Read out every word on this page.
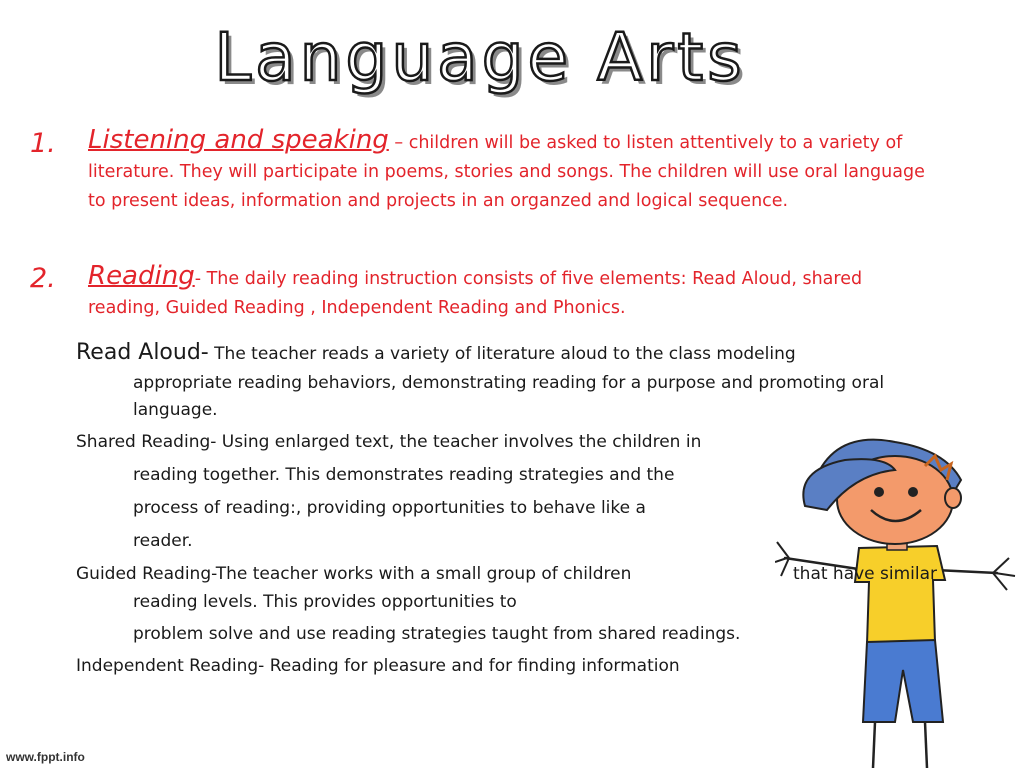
Language Arts
1. Listening and speaking – children will be asked to listen attentively to a variety of
literature. They will participate in poems, stories and songs. The children will use oral language
to present ideas, information and projects in an organzed and logical sequence.
2. Reading- The daily reading instruction consists of five elements: Read Aloud, shared
reading, Guided Reading , Independent Reading and Phonics.
Read Aloud- The teacher reads a variety of literature aloud to the class modeling
appropriate reading behaviors, demonstrating reading for a purpose and promoting oral
language.
Shared Reading- Using enlarged text, the teacher involves the children in
reading together. This demonstrates reading strategies and the
process of reading:, providing opportunities to behave like a
reader.
Guided Reading-The teacher works with a small group of children	that have similar
reading levels. This provides opportunities to
problem solve and use reading strategies taught from shared readings.
Independent Reading- Reading for pleasure and for finding information
www.fppt.info
